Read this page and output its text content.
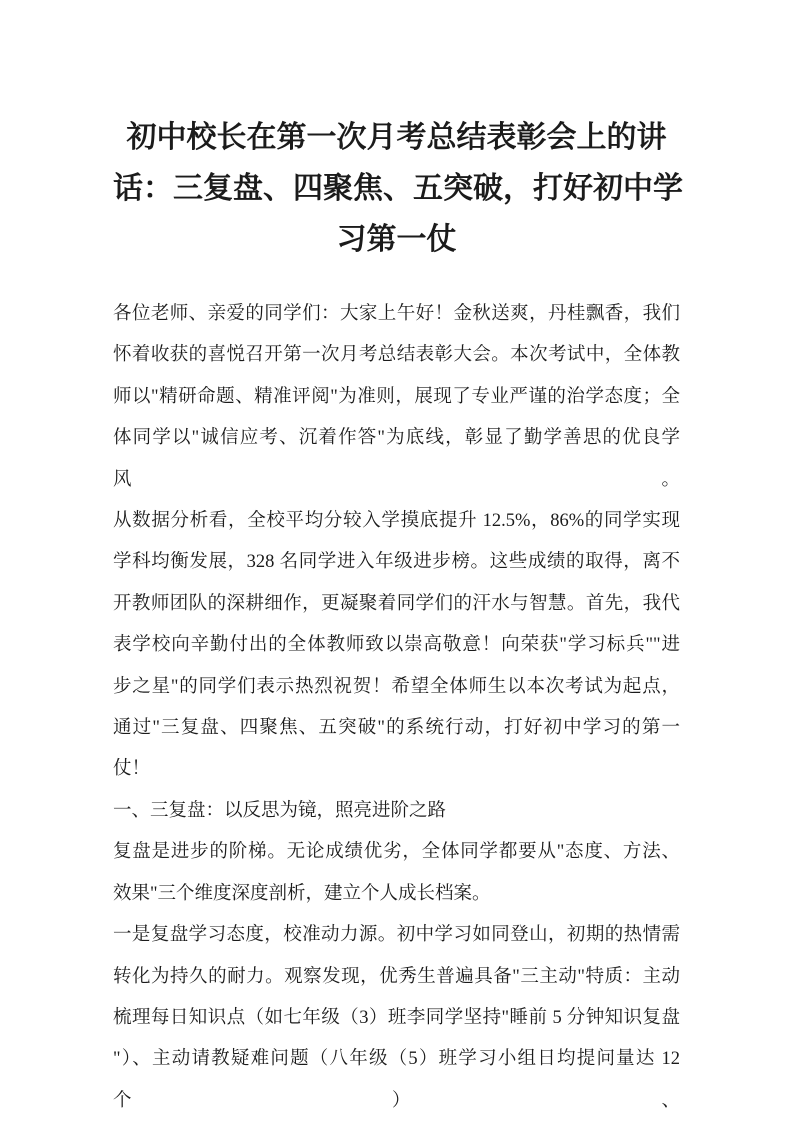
初中校长在第一次月考总结表彰会上的讲
话：三复盘、四聚焦、五突破，打好初中学
习第一仗
各位老师、亲爱的同学们：大家上午好！金秋送爽，丹桂飘香，我们
怀着收获的喜悦召开第一次月考总结表彰大会。本次考试中，全体教
师以"精研命题、精准评阅"为准则，展现了专业严谨的治学态度；全
体同学以"诚信应考、沉着作答"为底线，彰显了勤学善思的优良学风。
从数据分析看，全校平均分较入学摸底提升 12.5%，86%的同学实现
学科均衡发展，328 名同学进入年级进步榜。这些成绩的取得，离不
开教师团队的深耕细作，更凝聚着同学们的汗水与智慧。首先，我代
表学校向辛勤付出的全体教师致以崇高敬意！向荣获"学习标兵""进
步之星"的同学们表示热烈祝贺！希望全体师生以本次考试为起点，
通过"三复盘、四聚焦、五突破"的系统行动，打好初中学习的第一仗！
一、三复盘：以反思为镜，照亮进阶之路
复盘是进步的阶梯。无论成绩优劣，全体同学都要从"态度、方法、
效果"三个维度深度剖析，建立个人成长档案。
一是复盘学习态度，校准动力源。初中学习如同登山，初期的热情需
转化为持久的耐力。观察发现，优秀生普遍具备"三主动"特质：主动
梳理每日知识点（如七年级（3）班李同学坚持"睡前 5 分钟知识复盘
"）、主动请教疑难问题（八年级（5）班学习小组日均提问量达 12 个）、
